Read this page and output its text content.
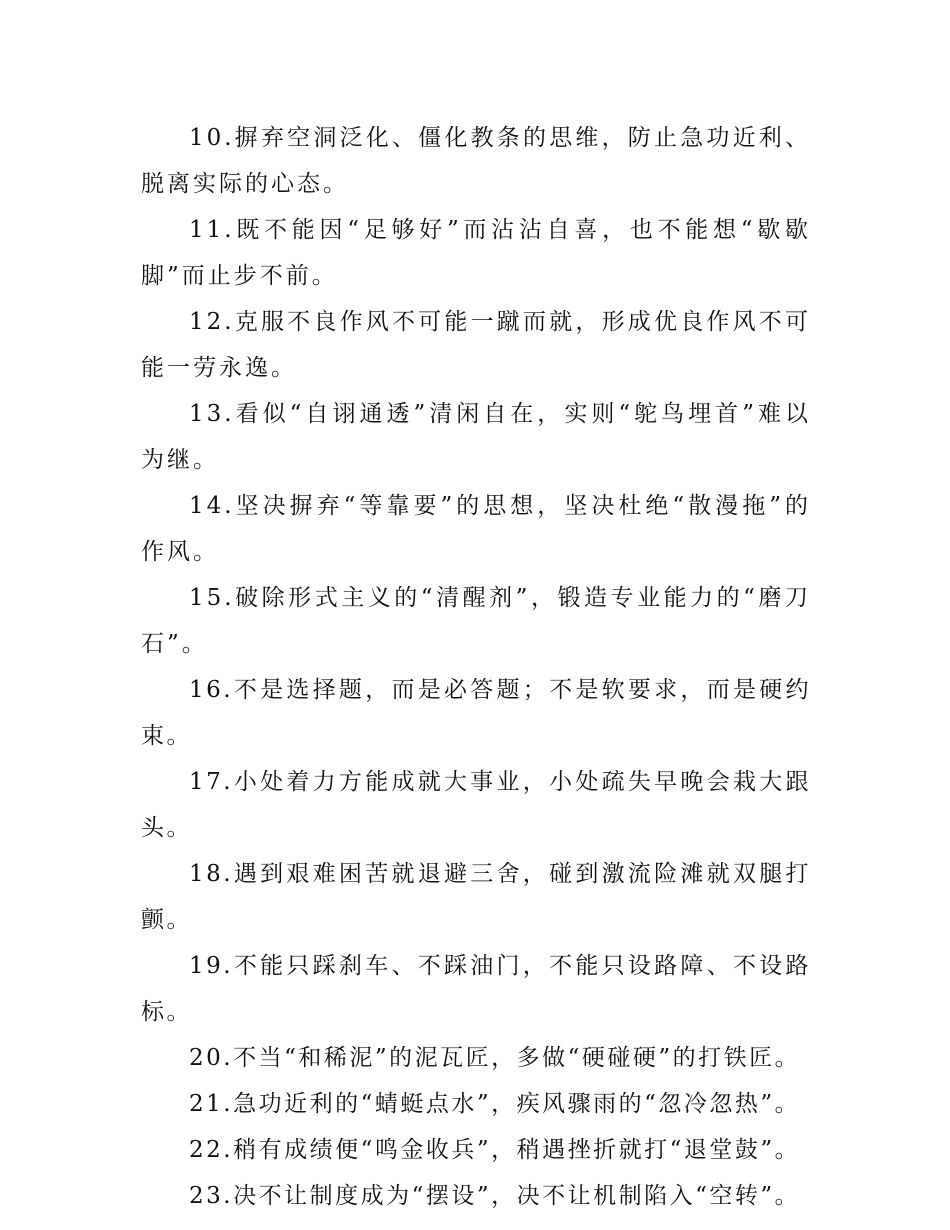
10.摒弃空洞泛化、僵化教条的思维，防止急功近利、脱离实际的心态。

11.既不能因“足够好”而沾沾自喜，也不能想“歇歇脚”而止步不前。

12.克服不良作风不可能一蹴而就，形成优良作风不可能一劳永逸。

13.看似“自诩通透”清闲自在，实则“鸵鸟埋首”难以为继。

14.坚决摒弃“等靠要”的思想，坚决杜绝“散漫拖”的作风。

15.破除形式主义的“清醒剂”，锻造专业能力的“磨刀石”。

16.不是选择题，而是必答题；不是软要求，而是硬约束。

17.小处着力方能成就大事业，小处疏失早晚会栽大跟头。

18.遇到艰难困苦就退避三舍，碰到激流险滩就双腿打颤。

19.不能只踩刹车、不踩油门，不能只设路障、不设路标。

20.不当“和稀泥”的泥瓦匠，多做“硬碰硬”的打铁匠。

21.急功近利的“蜻蜓点水”，疾风骤雨的“忽冷忽热”。

22.稍有成绩便“鸣金收兵”，稍遇挫折就打“退堂鼓”。

23.决不让制度成为“摆设”，决不让机制陷入“空转”。
